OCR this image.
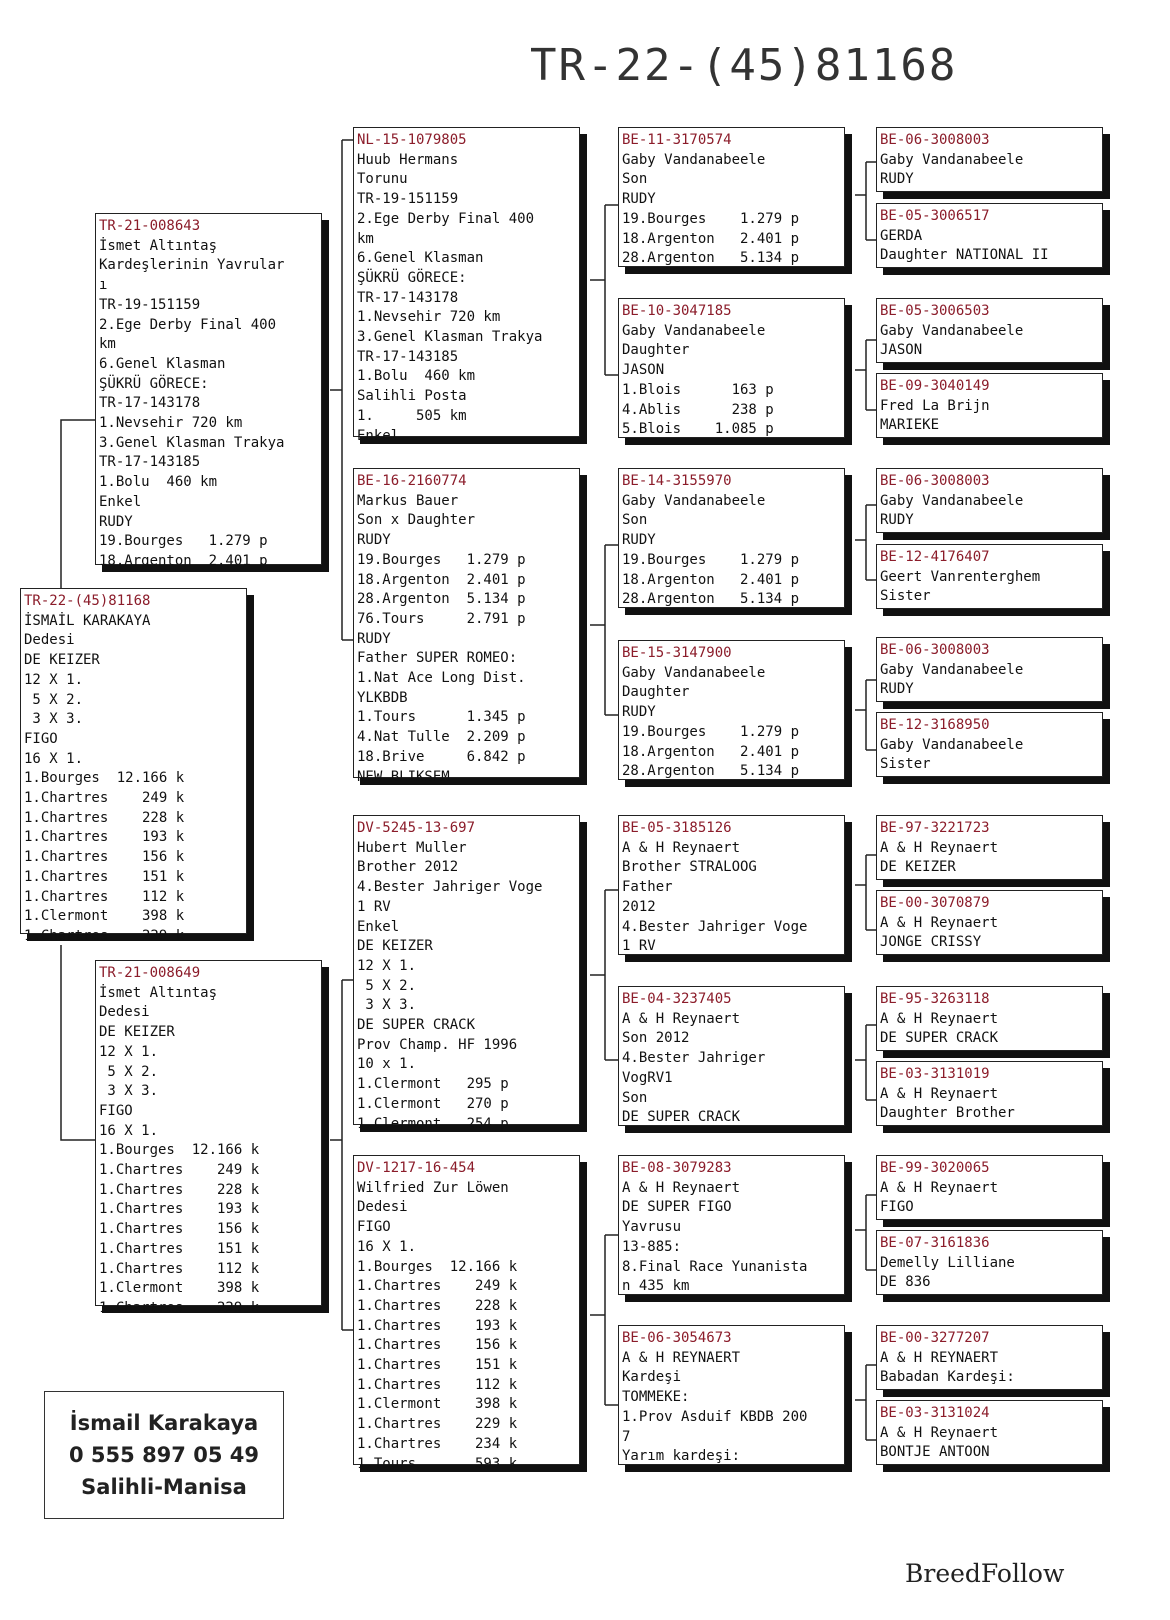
TR-22-(45)81168
TR-22-(45)81168
İSMAİL KARAKAYA
Dedesi
DE KEIZER
12 X 1.
5 X 2.
3 X 3.
FIGO
16 X 1.
1.Bourges  12.166 k
1.Chartres    249 k
1.Chartres    228 k
1.Chartres    193 k
1.Chartres    156 k
1.Chartres    151 k
1.Chartres    112 k
1.Clermont    398 k
1.Chartres    229 k
TR-21-008643
İsmet Altıntaş
Kardeşlerinin Yavrular
ı
TR-19-151159
2.Ege Derby Final 400
km
6.Genel Klasman
ŞÜKRÜ GÖRECE:
TR-17-143178
1.Nevsehir 720 km
3.Genel Klasman Trakya
TR-17-143185
1.Bolu  460 km
Enkel
RUDY
19.Bourges   1.279 p
18.Argenton  2.401 p
TR-21-008649
İsmet Altıntaş
Dedesi
DE KEIZER
12 X 1.
5 X 2.
3 X 3.
FIGO
16 X 1.
1.Bourges  12.166 k
1.Chartres    249 k
1.Chartres    228 k
1.Chartres    193 k
1.Chartres    156 k
1.Chartres    151 k
1.Chartres    112 k
1.Clermont    398 k
1.Chartres    229 k
NL-15-1079805
Huub Hermans
Torunu
TR-19-151159
2.Ege Derby Final 400
km
6.Genel Klasman
ŞÜKRÜ GÖRECE:
TR-17-143178
1.Nevsehir 720 km
3.Genel Klasman Trakya
TR-17-143185
1.Bolu  460 km
Salihli Posta
1.     505 km
Enkel
BE-16-2160774
Markus Bauer
Son x Daughter
RUDY
19.Bourges   1.279 p
18.Argenton  2.401 p
28.Argenton  5.134 p
76.Tours     2.791 p
RUDY
Father SUPER ROMEO:
1.Nat Ace Long Dist.
YLKBDB
1.Tours      1.345 p
4.Nat Tulle  2.209 p
18.Brive     6.842 p
NEW BLIKSEM
DV-5245-13-697
Hubert Muller
Brother 2012
4.Bester Jahriger Voge
1 RV
Enkel
DE KEIZER
12 X 1.
5 X 2.
3 X 3.
DE SUPER CRACK
Prov Champ. HF 1996
10 x 1.
1.Clermont   295 p
1.Clermont   270 p
1.Clermont   254 p
DV-1217-16-454
Wilfried Zur Löwen
Dedesi
FIGO
16 X 1.
1.Bourges  12.166 k
1.Chartres    249 k
1.Chartres    228 k
1.Chartres    193 k
1.Chartres    156 k
1.Chartres    151 k
1.Chartres    112 k
1.Clermont    398 k
1.Chartres    229 k
1.Chartres    234 k
1.Tours       593 k
BE-11-3170574
Gaby Vandanabeele
Son
RUDY
19.Bourges    1.279 p
18.Argenton   2.401 p
28.Argenton   5.134 p
BE-10-3047185
Gaby Vandanabeele
Daughter
JASON
1.Blois      163 p
4.Ablis      238 p
5.Blois    1.085 p
BE-14-3155970
Gaby Vandanabeele
Son
RUDY
19.Bourges    1.279 p
18.Argenton   2.401 p
28.Argenton   5.134 p
BE-15-3147900
Gaby Vandanabeele
Daughter
RUDY
19.Bourges    1.279 p
18.Argenton   2.401 p
28.Argenton   5.134 p
BE-05-3185126
A & H Reynaert
Brother STRALOOG
Father
2012
4.Bester Jahriger Voge
1 RV
BE-04-3237405
A & H Reynaert
Son 2012
4.Bester Jahriger
VogRV1
Son
DE SUPER CRACK
BE-08-3079283
A & H Reynaert
DE SUPER FIGO
Yavrusu
13-885:
8.Final Race Yunanista
n 435 km
BE-06-3054673
A & H REYNAERT
Kardeşi
TOMMEKE:
1.Prov Asduif KBDB 200
7
Yarım kardeşi:
BE-06-3008003
Gaby Vandanabeele
RUDY
BE-05-3006517
GERDA
Daughter NATIONAL II
BE-05-3006503
Gaby Vandanabeele
JASON
BE-09-3040149
Fred La Brijn
MARIEKE
BE-06-3008003
Gaby Vandanabeele
RUDY
BE-12-4176407
Geert Vanrenterghem
Sister
BE-06-3008003
Gaby Vandanabeele
RUDY
BE-12-3168950
Gaby Vandanabeele
Sister
BE-97-3221723
A & H Reynaert
DE KEIZER
BE-00-3070879
A & H Reynaert
JONGE CRISSY
BE-95-3263118
A & H Reynaert
DE SUPER CRACK
BE-03-3131019
A & H Reynaert
Daughter Brother
BE-99-3020065
A & H Reynaert
FIGO
BE-07-3161836
Demelly Lilliane
DE 836
BE-00-3277207
A & H REYNAERT
Babadan Kardeşi:
BE-03-3131024
A & H Reynaert
BONTJE ANTOON
İsmail Karakaya
0 555 897 05 49
Salihli-Manisa
BreedFollow
